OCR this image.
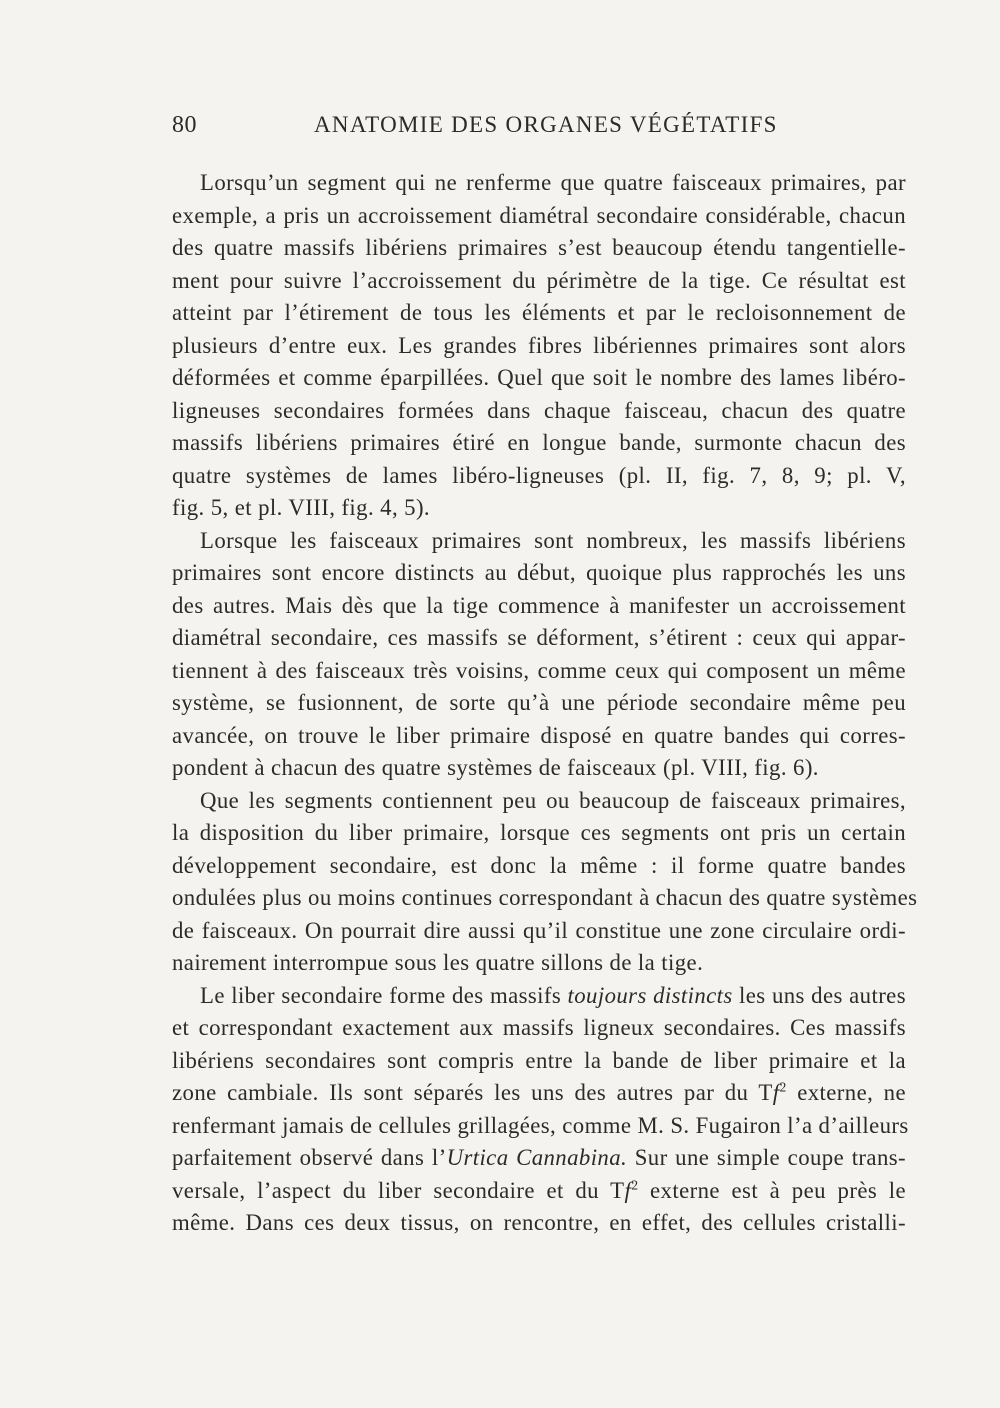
80	ANATOMIE DES ORGANES VÉGÉTATIFS

Lorsqu’un segment qui ne renferme que quatre faisceaux primaires, par
exemple, a pris un accroissement diamétral secondaire considérable, chacun
des quatre massifs libériens primaires s’est beaucoup étendu tangentielle-
ment pour suivre l’accroissement du périmètre de la tige. Ce résultat est
atteint par l’étirement de tous les éléments et par le recloisonnement de
plusieurs d’entre eux. Les grandes fibres libériennes primaires sont alors
déformées et comme éparpillées. Quel que soit le nombre des lames libéro-
ligneuses secondaires formées dans chaque faisceau, chacun des quatre
massifs libériens primaires étiré en longue bande, surmonte chacun des
quatre systèmes de lames libéro-ligneuses (pl. II, fig. 7, 8, 9; pl. V,
fig. 5, et pl. VIII, fig. 4, 5).

Lorsque les faisceaux primaires sont nombreux, les massifs libériens
primaires sont encore distincts au début, quoique plus rapprochés les uns
des autres. Mais dès que la tige commence à manifester un accroissement
diamétral secondaire, ces massifs se déforment, s’étirent : ceux qui appar-
tiennent à des faisceaux très voisins, comme ceux qui composent un même
système, se fusionnent, de sorte qu’à une période secondaire même peu
avancée, on trouve le liber primaire disposé en quatre bandes qui corres-
pondent à chacun des quatre systèmes de faisceaux (pl. VIII, fig. 6).

Que les segments contiennent peu ou beaucoup de faisceaux primaires,
la disposition du liber primaire, lorsque ces segments ont pris un certain
développement secondaire, est donc la même : il forme quatre bandes
ondulées plus ou moins continues correspondant à chacun des quatre systèmes
de faisceaux. On pourrait dire aussi qu’il constitue une zone circulaire ordi-
nairement interrompue sous les quatre sillons de la tige.

Le liber secondaire forme des massifs toujours distincts les uns des autres
et correspondant exactement aux massifs ligneux secondaires. Ces massifs
libériens secondaires sont compris entre la bande de liber primaire et la
zone cambiale. Ils sont séparés les uns des autres par du Tf$^2$ externe, ne
renfermant jamais de cellules grillagées, comme M. S. Fugairon l’a d’ailleurs
parfaitement observé dans l’Urtica Cannabina. Sur une simple coupe trans-
versale, l’aspect du liber secondaire et du Tf$^2$ externe est à peu près le
même. Dans ces deux tissus, on rencontre, en effet, des cellules cristalli-
